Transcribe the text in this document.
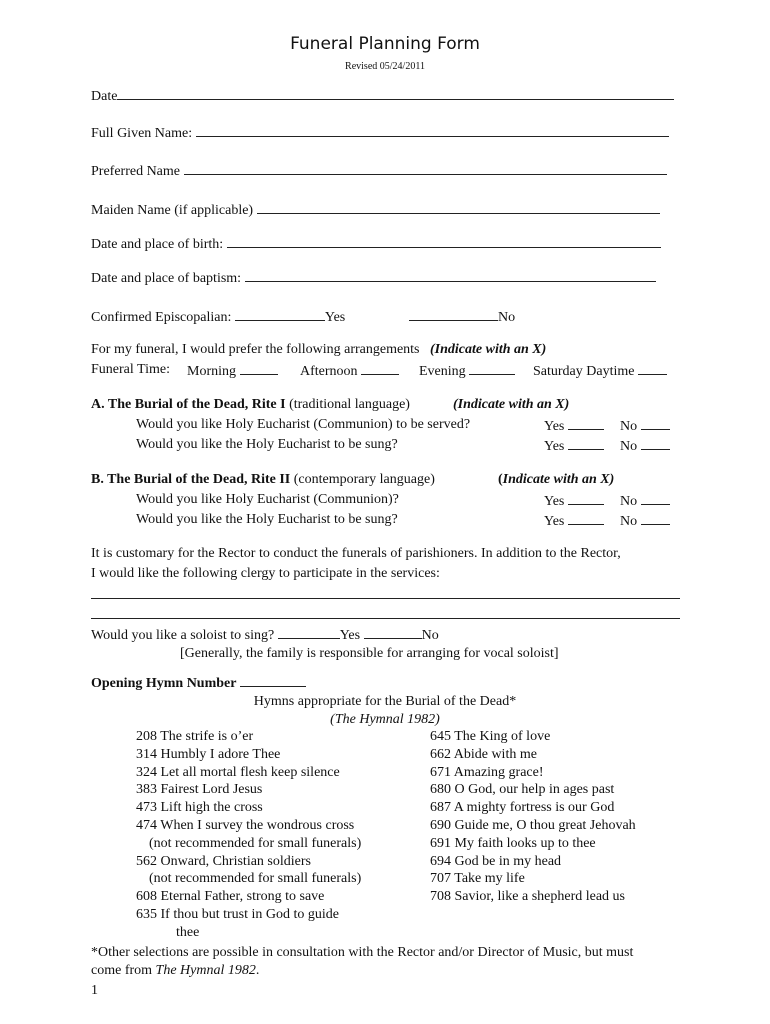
Funeral Planning Form
Revised 05/24/2011
Date
Full Given Name:
Preferred Name
Maiden Name (if applicable)
Date and place of birth:
Date and place of baptism:
Confirmed Episcopalian:	Yes	No
For my funeral, I would prefer the following arrangements (Indicate with an X)
Funeral Time: Morning	Afternoon	Evening	Saturday Daytime
A. The Burial of the Dead, Rite I (traditional language)	(Indicate with an X)
Would you like Holy Eucharist (Communion) to be served?	Yes	No
Would you like the Holy Eucharist to be sung?	Yes	No
B. The Burial of the Dead, Rite II (contemporary language)	(Indicate with an X)
Would you like Holy Eucharist (Communion)?	Yes	No
Would you like the Holy Eucharist to be sung?	Yes	No
It is customary for the Rector to conduct the funerals of parishioners. In addition to the Rector,
I would like the following clergy to participate in the services:
Would you like a soloist to sing?	Yes	No
[Generally, the family is responsible for arranging for vocal soloist]
Opening Hymn Number
Hymns appropriate for the Burial of the Dead*
(The Hymnal 1982)
208 The strife is o’er
314 Humbly I adore Thee
324 Let all mortal flesh keep silence
383 Fairest Lord Jesus
473 Lift high the cross
474 When I survey the wondrous cross
(not recommended for small funerals)
562 Onward, Christian soldiers
(not recommended for small funerals)
608 Eternal Father, strong to save
635 If thou but trust in God to guide
thee
645 The King of love
662 Abide with me
671 Amazing grace!
680 O God, our help in ages past
687 A mighty fortress is our God
690 Guide me, O thou great Jehovah
691 My faith looks up to thee
694 God be in my head
707 Take my life
708 Savior, like a shepherd lead us
*Other selections are possible in consultation with the Rector and/or Director of Music, but must
come from The Hymnal 1982.
1
